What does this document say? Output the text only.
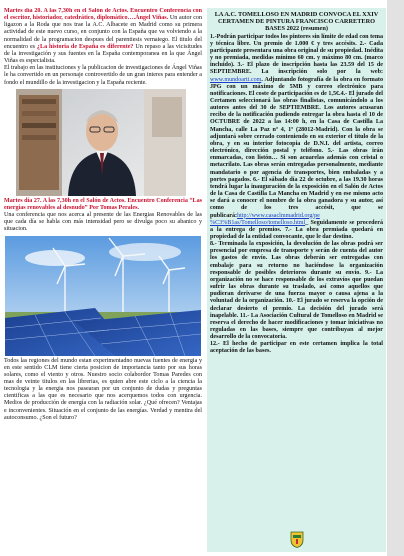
Martes día 20. A las 7,30h en el Salón de Actos. Encuentro Conferencia con el escritor, historiador, catedrático, diplomático….Ángel Viñas. Un autor con ligazon a la Roda que nos trae la A.C. Albacete en Madrid como su primera actividad de este nuevo curso, en conjunto con la España que va volviendo a la normalidad de la programacion despues del parentiesis vernaiego. El titulo del encuentro es ¿La historia de España es diferente? Un repaso a las vicisitudes de la investigación y sus fuentes en la España contemporanea en la que Ángel Viñas es especialista.

El trabajo en las instituciones y la publicacion de investigaciones de Ángel Viñas le ha convertido en un personaje controvertido de un gran interes para entender a fondo el mundillo de la investigacion y la España reciente.

Martes día 27. A las 7,30h en el Salón de Actos. Encuentro Conferencia “Las energías renovables al desnudo” Por Tomas Perales.

Una conferencia que nos acerca al presente de las Energias Renovables de las que cada día se habla con más intensidad pero se divulga poco su abanico y situacion.

Todos las regiones del mundo estan experimentadno nuevas fuentes de energia y en este sentido CLM tiene cierta posicion de importancia tanto por sus horas solares, como el viento y otros. Nuestro socio colabordor Tomas Paredes con mas de veinte titulos en las librerias, es quien abre este ciclo a la ciencia la tecnologia y la energia nos pasearan por un conjunto de dudas y preguntas cientificas a las que es necesario que nos acerquemos todos con urgencia. Medios de producción de energía con la radiación solar. ¿Qué ofrecen? Ventajas e inconvenientes. Situación en el conjunto de las energías. Verdad y mentira del autoconsumo. ¿Son el futuro?

LA A.C. TOMELLOSO EN MADRID CONVOCA EL XXIV CERTAMEN DE PINTURA FRANCISCO CARRETERO BASES 2022 (resumen)

1.-Podrán participar todos los pintores sin límite de edad con tema y técnica libre. Un premio de 1.000 € y tres accésits. 2.- Cada participante presentara una obra original de su propiedad. Inédita y no premiada, medidas mínimo 60 cm. y máximo 80 cm. (marco incluido). 3.- El plazo de inscripción hasta las 23.59 del 15 de SEPTIEMBRE. La inscripción solo por la web: www.mundoarti.com. Adjuntando fotografía de la obra en formato JPG con un máximo de 5MB y correo electrónico para notificaciones. El coste de participación es de 1,5€.4.- El jurado del Certamen seleccionará las obras finalistas, comunicándolo a los autores antes del 30 de SEPTIEMBRE. Los autores acusaran recibo de la notificación pudiendo entregar la obra hasta el 10 de OCTUBRE de 2022 a las 14:00 h, en la Casa de Castilla La Mancha, calle La Paz nº 4, 1º (28012-Madrid). Con la obra se adjuntará sobre cerrado conteniendo en su exterior el título de la obra, y en su interior fotocopia de D.N.I. del artista, correo electrónico, dirección postal y teléfono. 5.- Las obras irán enmarcadas, con listón… Si son acuarelas además con cristal o metacrilato. Las obras serán entregadas personalmente, mediante mandatario o por agencia de transportes, bien embaladas y a portes pagados. 6.- El sábado día 22 de octubre, a las 19.30 horas tendrá lugar la inauguración de la exposición en el Salón de Actos de la Casa de Castilla La Mancha en Madrid y en ese mismo acto se dará a conocer el nombre de la obra ganadora y su autor, así como de los tres accésit, que se publicará:http://www.casaclmmadrid.org/pe %C3%B1as/Tomelloso/tomelloso.html_ Seguidamente se procederá a la entrega de premios. 7.- La obra premiada quedará en propiedad de la entidad convocante, que le dar destino.

8.- Terminada la exposición, la devolución de las obras podrá ser presencial por empresa de transporte y serán de cuenta del autor los gastos de envío. Las obras deberán ser entregadas con embalaje para su retorno no haciéndose la organización responsable de posibles deterioros durante su envío. 9.- La organización no se hace responsable de los extravíos que puedan sufrir las obras durante su traslado, así como aquellos que pudieran derivarse de una fuerza mayor o causa ajena a la voluntad de la organización. 10.- El jurado se reserva la opción de declarar desierto el premio. La decisión del jurado será inapelable. 11.- La Asociación Cultural de Tomelloso en Madrid se reserva el derecho de hacer modificaciones y tomar iniciativas no reguladas en las bases, siempre que contribuyan al mejor desarrollo de la convocatoria.

12.- El hecho de participar en este certamen implica la total aceptación de las bases.
